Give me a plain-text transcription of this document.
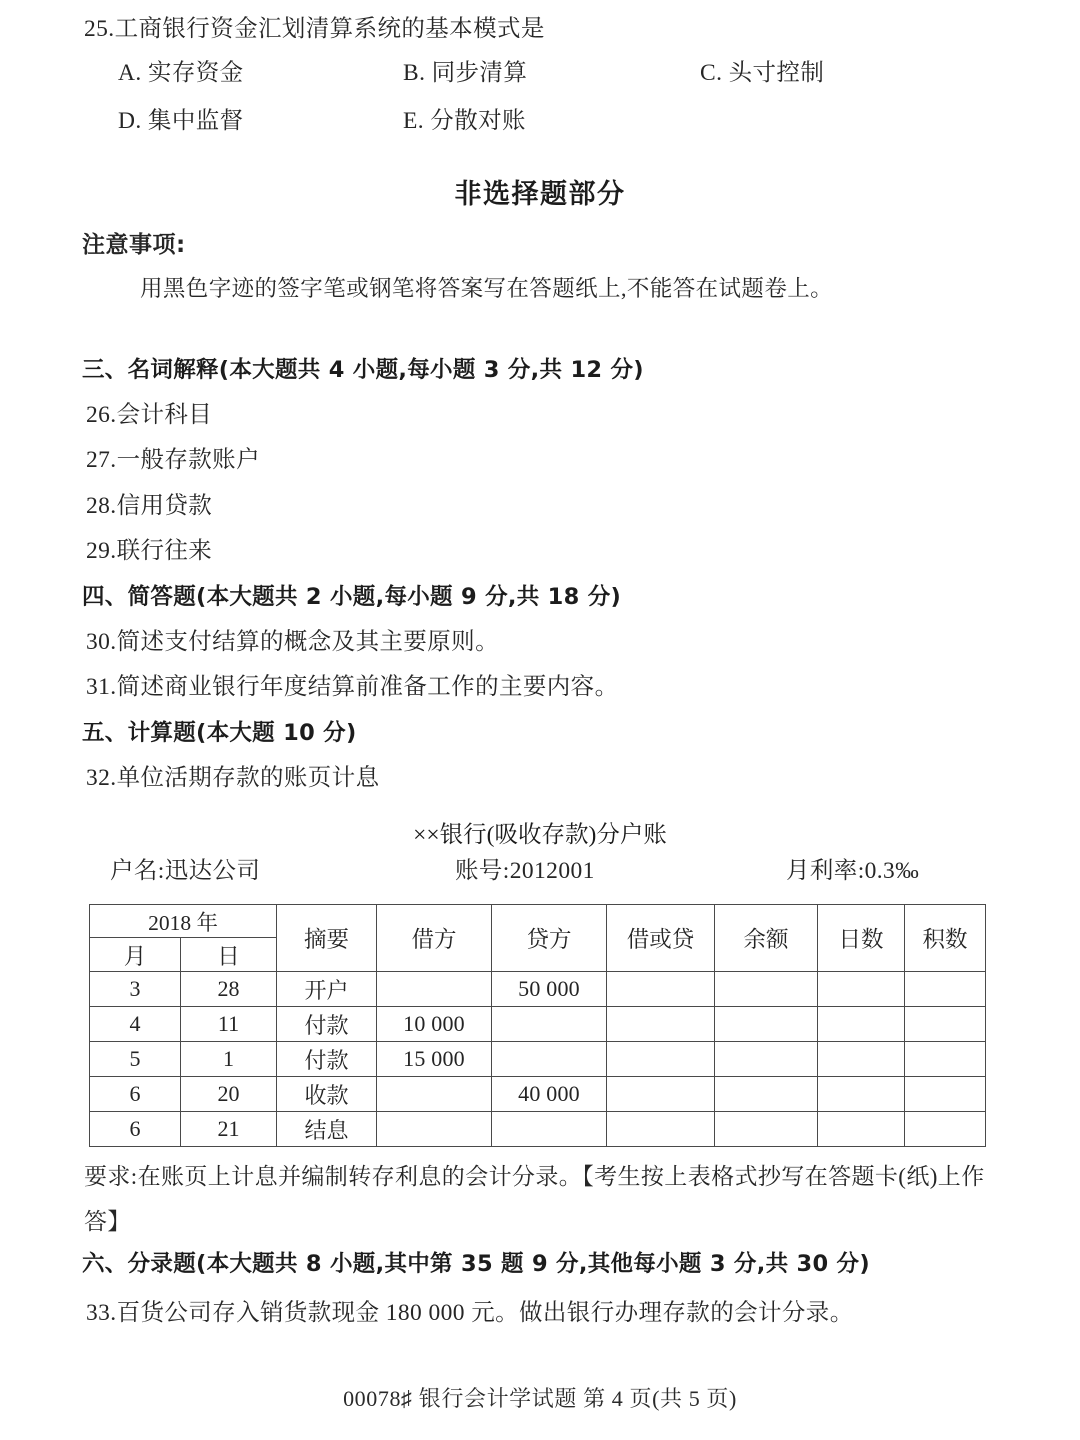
25.工商银行资金汇划清算系统的基本模式是
A. 实存资金	B. 同步清算	C. 头寸控制
D. 集中监督	E. 分散对账
非选择题部分
注意事项:
用黑色字迹的签字笔或钢笔将答案写在答题纸上,不能答在试题卷上。
三、名词解释(本大题共 4 小题,每小题 3 分,共 12 分)
26.会计科目
27.一般存款账户
28.信用贷款
29.联行往来
四、简答题(本大题共 2 小题,每小题 9 分,共 18 分)
30.简述支付结算的概念及其主要原则。
31.简述商业银行年度结算前准备工作的主要内容。
五、计算题(本大题 10 分)
32.单位活期存款的账页计息
××银行(吸收存款)分户账
户名:迅达公司	账号:2012001	月利率:0.3‰
2018 年		摘要	借方	贷方	借或贷	余额	日数	积数
月	日							
3	28	开户		50 000				
4	11	付款	10 000					
5	1	付款	15 000					
6	20	收款		40 000				
6	21	结息						
要求:在账页上计息并编制转存利息的会计分录。【考生按上表格式抄写在答题卡(纸)上作
答】
六、分录题(本大题共 8 小题,其中第 35 题 9 分,其他每小题 3 分,共 30 分)
33.百货公司存入销货款现金 180 000 元。做出银行办理存款的会计分录。
00078♯ 银行会计学试题 第 4 页(共 5 页)
